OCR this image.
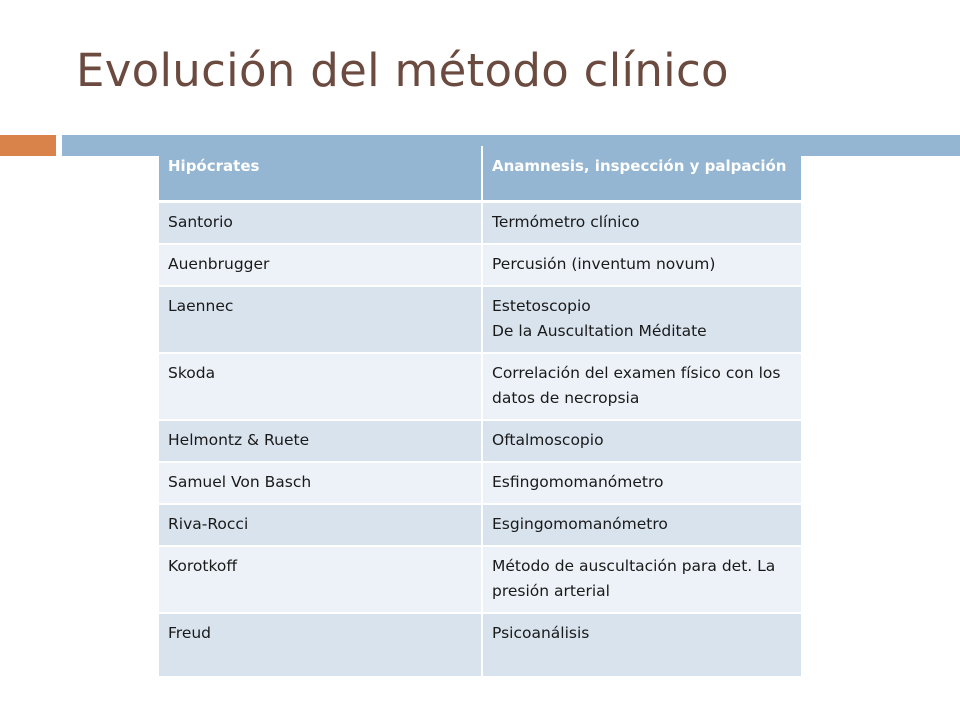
Evolución del método clínico
Hipócrates	Anamnesis, inspección y palpación
Santorio	Termómetro clínico

Auenbrugger	Percusión (inventum novum)

Laennec	Estetoscopio
De la Auscultation Méditate

Skoda	Correlación del examen físico con los datos de necropsia

Helmontz & Ruete	Oftalmoscopio

Samuel Von Basch	Esfingomomanómetro

Riva-Rocci	Esgingomomanómetro

Korotkoff	Método de auscultación para det. La presión arterial

Freud	Psicoanálisis
